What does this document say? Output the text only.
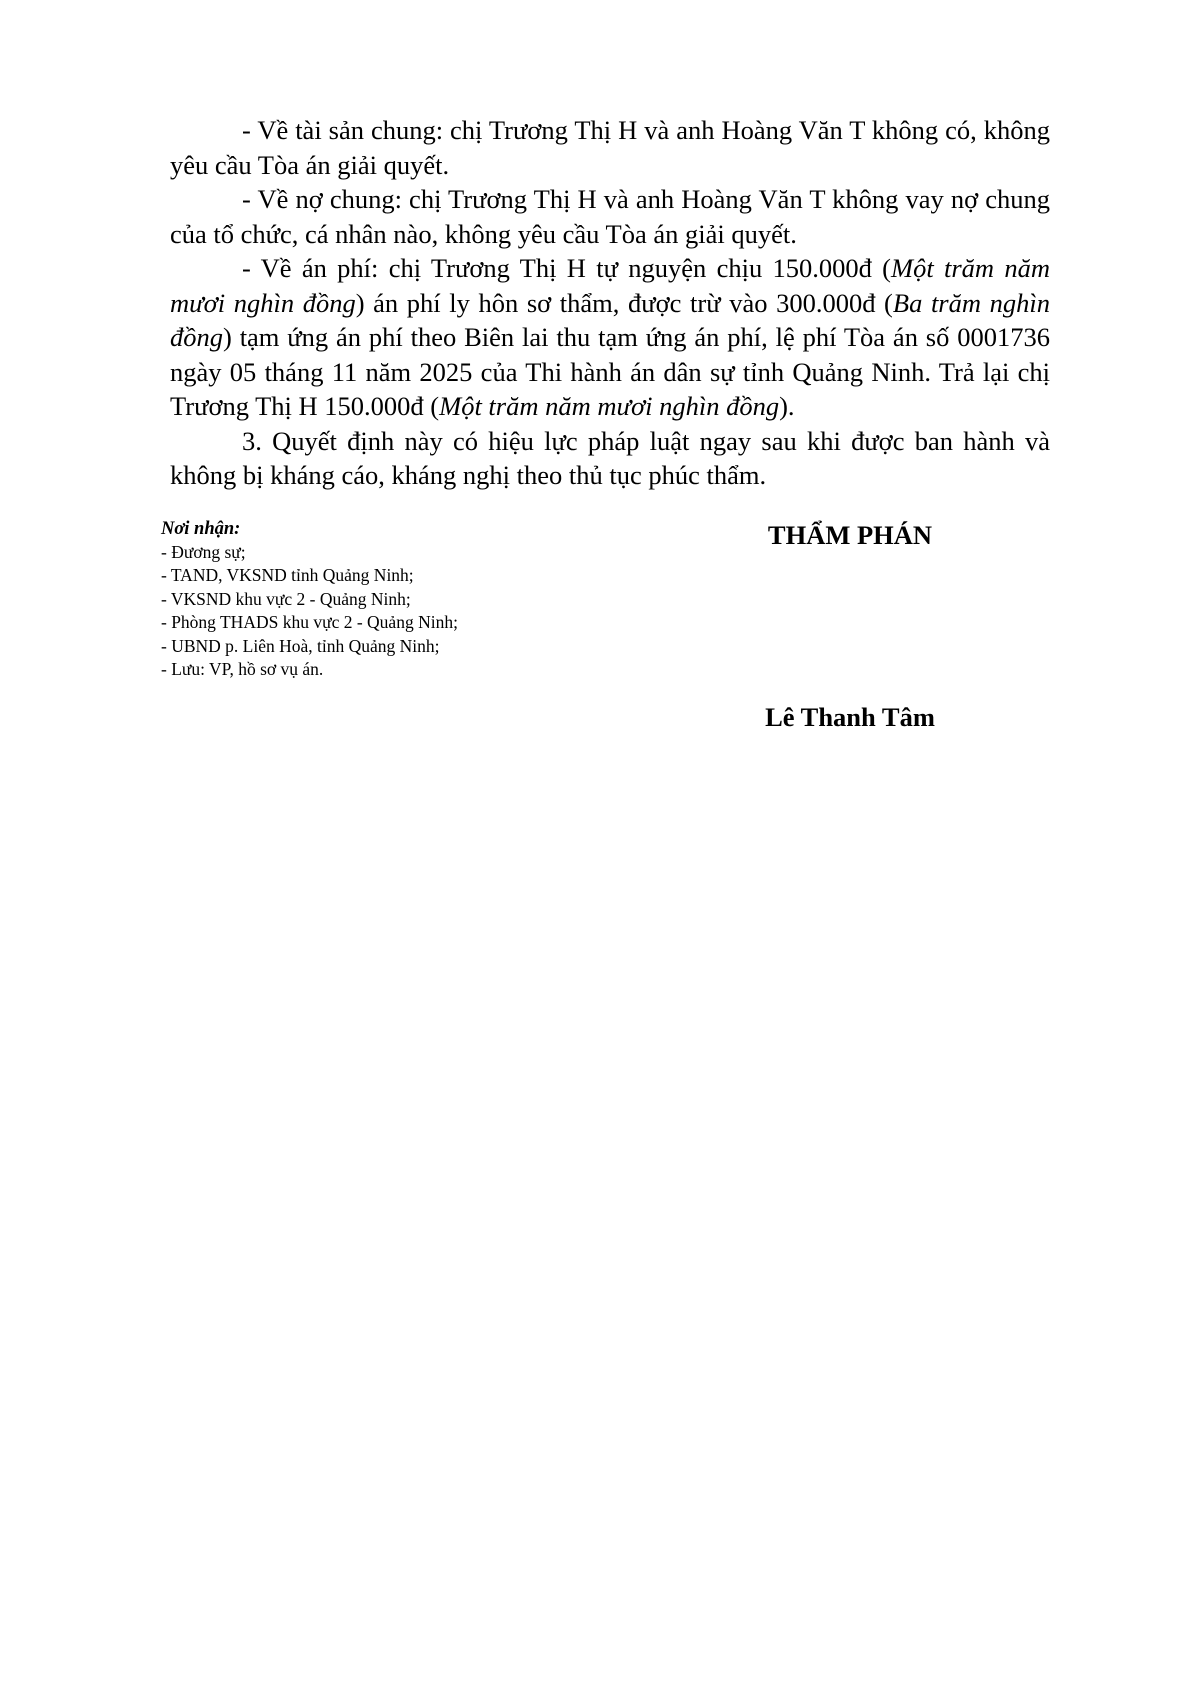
- Về tài sản chung: chị Trương Thị H và anh Hoàng Văn T không có, không yêu cầu Tòa án giải quyết.

- Về nợ chung: chị Trương Thị H và anh Hoàng Văn T không vay nợ chung của tổ chức, cá nhân nào, không yêu cầu Tòa án giải quyết.

- Về án phí: chị Trương Thị H tự nguyện chịu 150.000đ (Một trăm năm mươi nghìn đồng) án phí ly hôn sơ thẩm, được trừ vào 300.000đ (Ba trăm nghìn đồng) tạm ứng án phí theo Biên lai thu tạm ứng án phí, lệ phí Tòa án số 0001736 ngày 05 tháng 11 năm 2025 của Thi hành án dân sự tỉnh Quảng Ninh. Trả lại chị Trương Thị H 150.000đ (Một trăm năm mươi nghìn đồng).

3. Quyết định này có hiệu lực pháp luật ngay sau khi được ban hành và không bị kháng cáo, kháng nghị theo thủ tục phúc thẩm.

Nơi nhận:

- Đương sự;
- TAND, VKSND tỉnh Quảng Ninh;
- VKSND khu vực 2 - Quảng Ninh;
- Phòng THADS khu vực 2 - Quảng Ninh;
- UBND p. Liên Hoà, tỉnh Quảng Ninh;
- Lưu: VP, hồ sơ vụ án.

THẨM PHÁN

Lê Thanh Tâm
